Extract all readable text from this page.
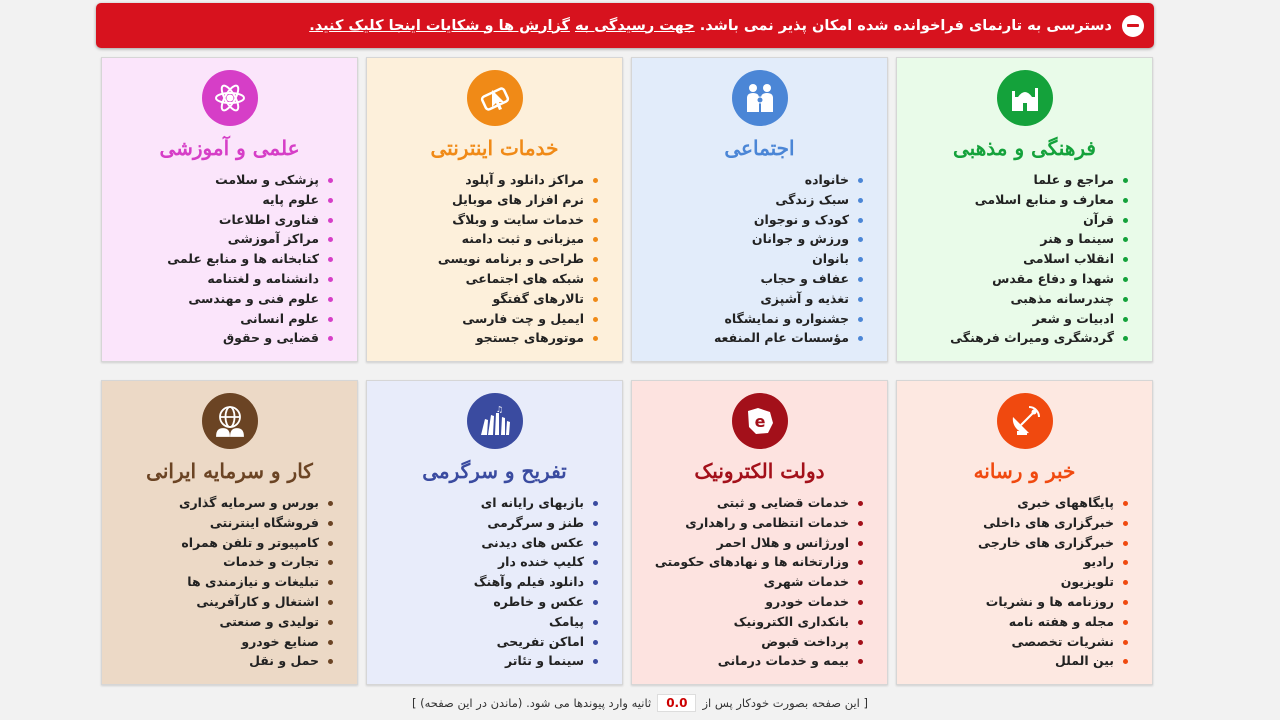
دسترسی به تارنمای فراخوانده شده امکان پذیر نمی باشد. جهت رسیدگی به گزارش ها و شکایات اینجا کلیک کنید.
فرهنگی و مذهبی
مراجع و علما
معارف و منابع اسلامی
قرآن
سینما و هنر
انقلاب اسلامی
شهدا و دفاع مقدس
چندرسانه مذهبی
ادبیات و شعر
گردشگری ومیراث فرهنگی
اجتماعی
خانواده
سبک زندگی
کودک و نوجوان
ورزش و جوانان
بانوان
عفاف و حجاب
تغذیه و آشپزی
جشنواره و نمایشگاه
مؤسسات عام المنفعه
خدمات اینترنتی
مراکز دانلود و آپلود
نرم افزار های موبایل
خدمات سایت و وبلاگ
میزبانی و ثبت دامنه
طراحی و برنامه نویسی
شبکه های اجتماعی
تالارهای گفتگو
ایمیل و چت فارسی
موتورهای جستجو
علمی و آموزشی
پزشکی و سلامت
علوم پایه
فناوری اطلاعات
مراکز آموزشی
کتابخانه ها و منابع علمی
دانشنامه و لغتنامه
علوم فنی و مهندسی
علوم انسانی
قضایی و حقوق
خبر و رسانه
پایگاههای خبری
خبرگزاری های داخلی
خبرگزاری های خارجی
رادیو
تلویزیون
روزنامه ها و نشریات
مجله و هفته نامه
نشریات تخصصی
بین الملل
e
دولت الکترونیک
خدمات قضایی و ثبتی
خدمات انتظامی و راهداری
اورژانس و هلال احمر
وزارتخانه ها و نهادهای حکومتی
خدمات شهری
خدمات خودرو
بانکداری الکترونیک
پرداخت قبوض
بیمه و خدمات درمانی
♫
تفریح و سرگرمی
بازیهای رایانه ای
طنز و سرگرمی
عکس های دیدنی
کلیپ خنده دار
دانلود فیلم وآهنگ
عکس و خاطره
پیامک
اماکن تفریحی
سینما و تئاتر
کار و سرمایه ایرانی
بورس و سرمایه گذاری
فروشگاه اینترنتی
کامپیوتر و تلفن همراه
تجارت و خدمات
تبلیغات و نیازمندی ها
اشتغال و کارآفرینی
تولیدی و صنعتی
صنایع خودرو
حمل و نقل
[ این صفحه بصورت خودکار پس از
0.0
ثانیه وارد پیوندها می شود. (ماندن در این صفحه) ]
